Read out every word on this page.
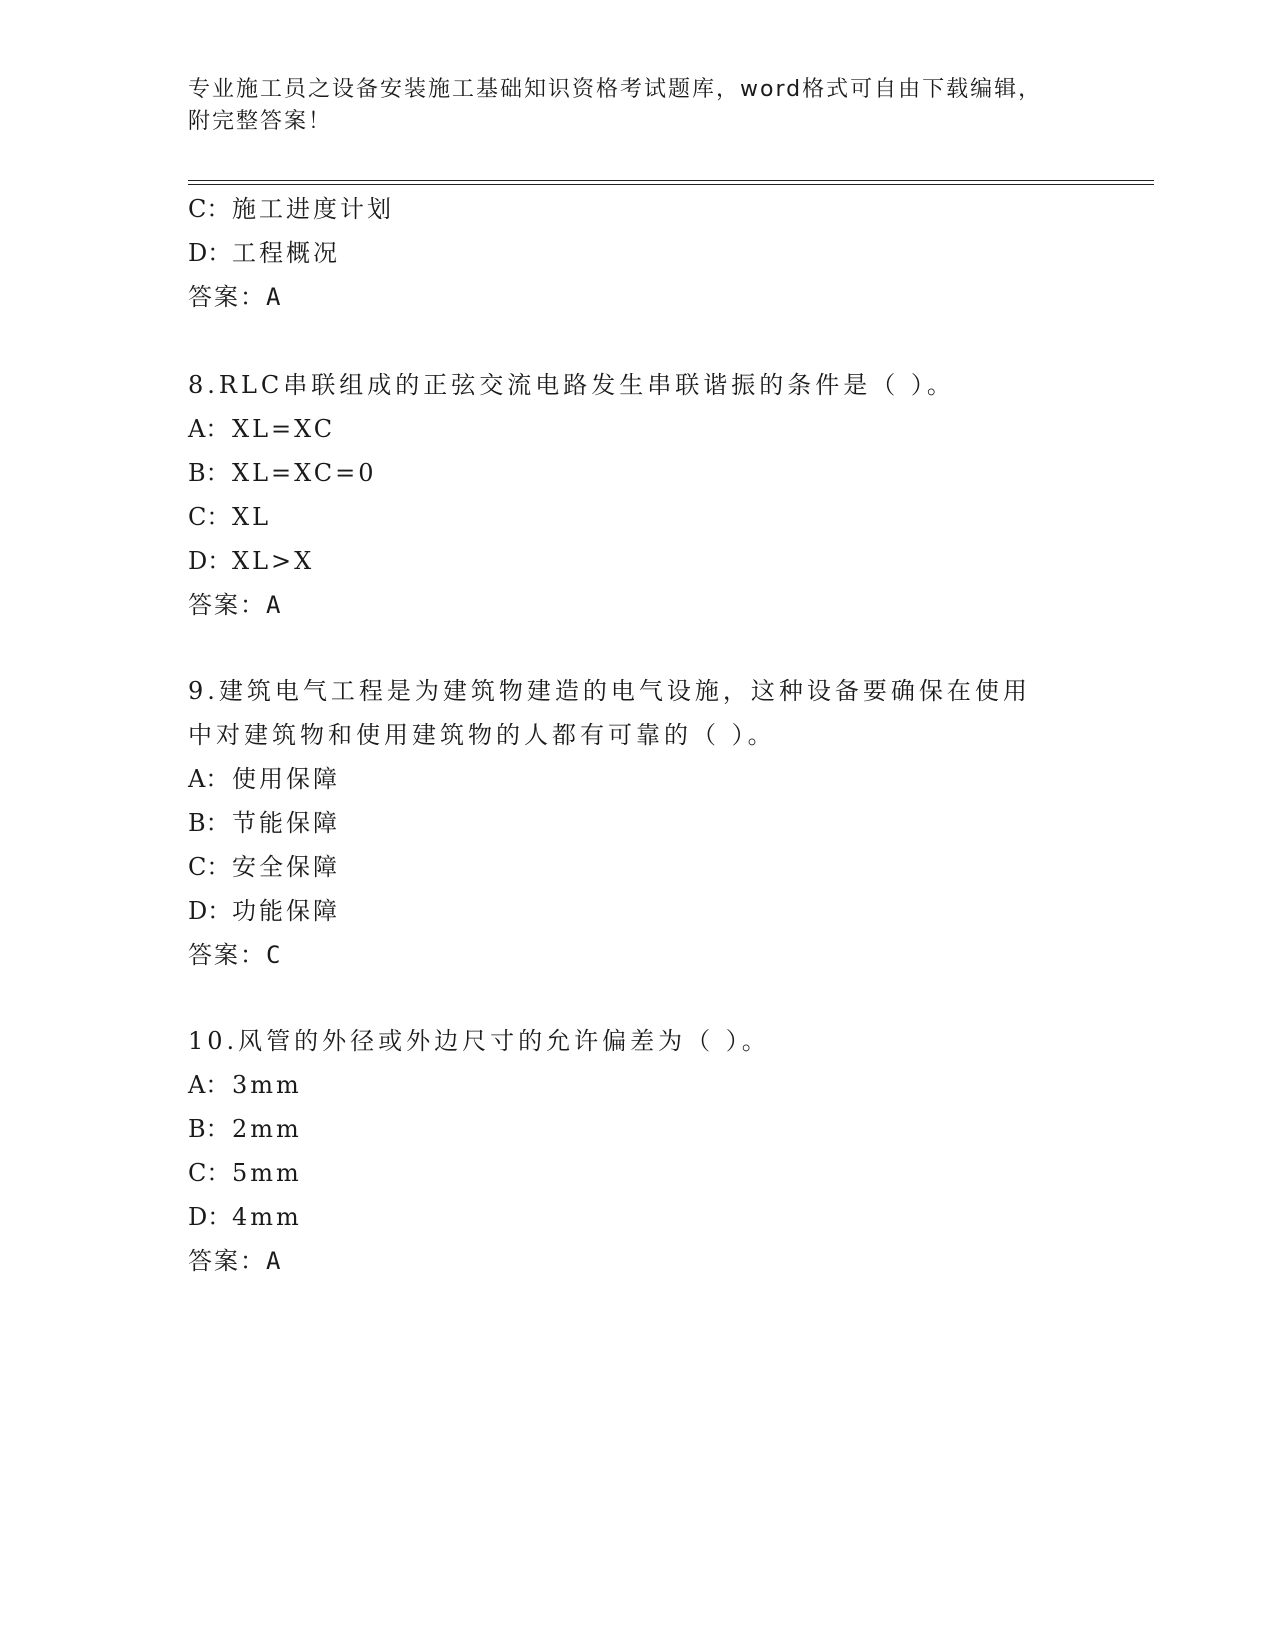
专业施工员之设备安装施工基础知识资格考试题库，word格式可自由下载编辑，
附完整答案！
C：施工进度计划
D：工程概况
答案：A
8.RLC串联组成的正弦交流电路发生串联谐振的条件是（ ）。
A： XL=XC
B：XL=XC=0
C：XL
D：XL>X
答案：A
9.建筑电气工程是为建筑物建造的电气设施，这种设备要确保在使用
中对建筑物和使用建筑物的人都有可靠的（ ）。
A： 使用保障
B：节能保障
C：安全保障
D：功能保障
答案：C
10.风管的外径或外边尺寸的允许偏差为（ ）。
A： 3mm
B：2mm
C：5mm
D：4mm
答案：A
